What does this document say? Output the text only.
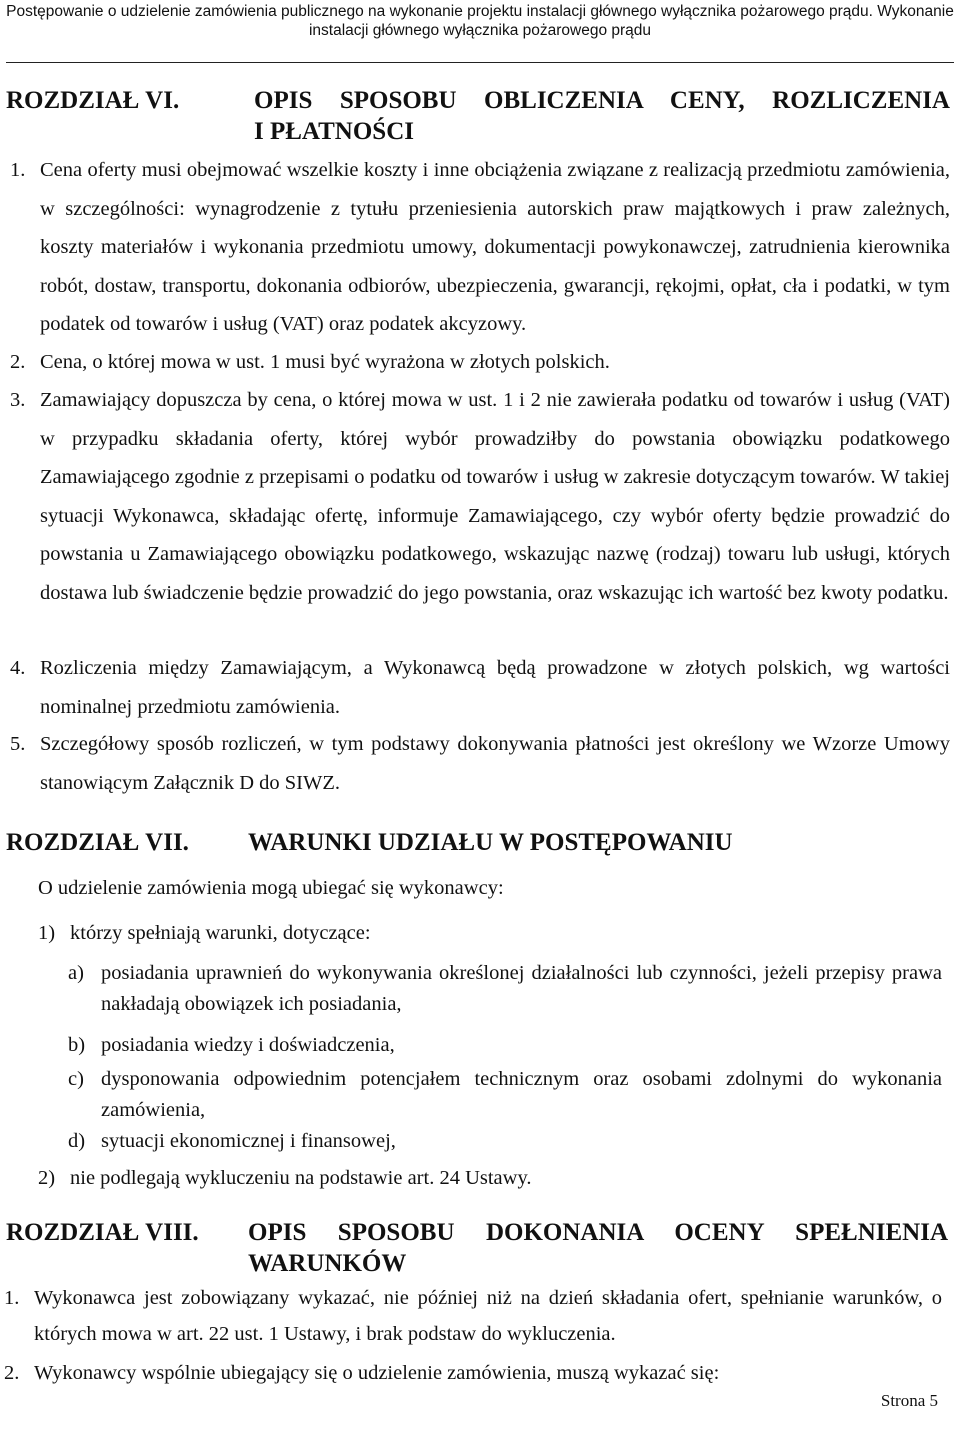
Postępowanie o udzielenie zamówienia publicznego na wykonanie projektu instalacji głównego wyłącznika pożarowego prądu. Wykonanie
instalacji głównego wyłącznika pożarowego prądu
ROZDZIAŁ VI.	OPIS SPOSOBU OBLICZENIA CENY, ROZLICZENIA
I PŁATNOŚCI
1. Cena oferty musi obejmować wszelkie koszty i inne obciążenia związane z realizacją przedmiotu zamówienia, w szczególności: wynagrodzenie z tytułu przeniesienia autorskich praw majątkowych i praw zależnych, koszty materiałów i wykonania przedmiotu umowy, dokumentacji powykonawczej, zatrudnienia kierownika robót, dostaw, transportu, dokonania odbiorów, ubezpieczenia, gwarancji, rękojmi, opłat, cła i podatki, w tym podatek od towarów i usług (VAT) oraz podatek akcyzowy.
2. Cena, o której mowa w ust. 1 musi być wyrażona w złotych polskich.
3. Zamawiający dopuszcza by cena, o której mowa w ust. 1 i 2 nie zawierała podatku od towarów i usług (VAT) w przypadku składania oferty, której wybór prowadziłby do powstania obowiązku podatkowego Zamawiającego zgodnie z przepisami o podatku od towarów i usług w zakresie dotyczącym towarów. W takiej sytuacji Wykonawca, składając ofertę, informuje Zamawiającego, czy wybór oferty będzie prowadzić do powstania u Zamawiającego obowiązku podatkowego, wskazując nazwę (rodzaj) towaru lub usługi, których dostawa lub świadczenie będzie prowadzić do jego powstania, oraz wskazując ich wartość bez kwoty podatku.
4. Rozliczenia między Zamawiającym, a Wykonawcą będą prowadzone w złotych polskich, wg wartości nominalnej przedmiotu zamówienia.
5. Szczegółowy sposób rozliczeń, w tym podstawy dokonywania płatności jest określony we Wzorze Umowy stanowiącym Załącznik D do SIWZ.
ROZDZIAŁ VII. WARUNKI UDZIAŁU W POSTĘPOWANIU
O udzielenie zamówienia mogą ubiegać się wykonawcy:
1) którzy spełniają warunki, dotyczące:
a) posiadania uprawnień do wykonywania określonej działalności lub czynności, jeżeli przepisy prawa nakładają obowiązek ich posiadania,
b) posiadania wiedzy i doświadczenia,
c) dysponowania odpowiednim potencjałem technicznym oraz osobami zdolnymi do wykonania zamówienia,
d) sytuacji ekonomicznej i finansowej,
2) nie podlegają wykluczeniu na podstawie art. 24 Ustawy.
ROZDZIAŁ VIII. OPIS SPOSOBU DOKONANIA OCENY SPEŁNIENIA
WARUNKÓW
1. Wykonawca jest zobowiązany wykazać, nie później niż na dzień składania ofert, spełnianie warunków, o których mowa w art. 22 ust. 1 Ustawy, i brak podstaw do wykluczenia.
2. Wykonawcy wspólnie ubiegający się o udzielenie zamówienia, muszą wykazać się:
Strona 5
